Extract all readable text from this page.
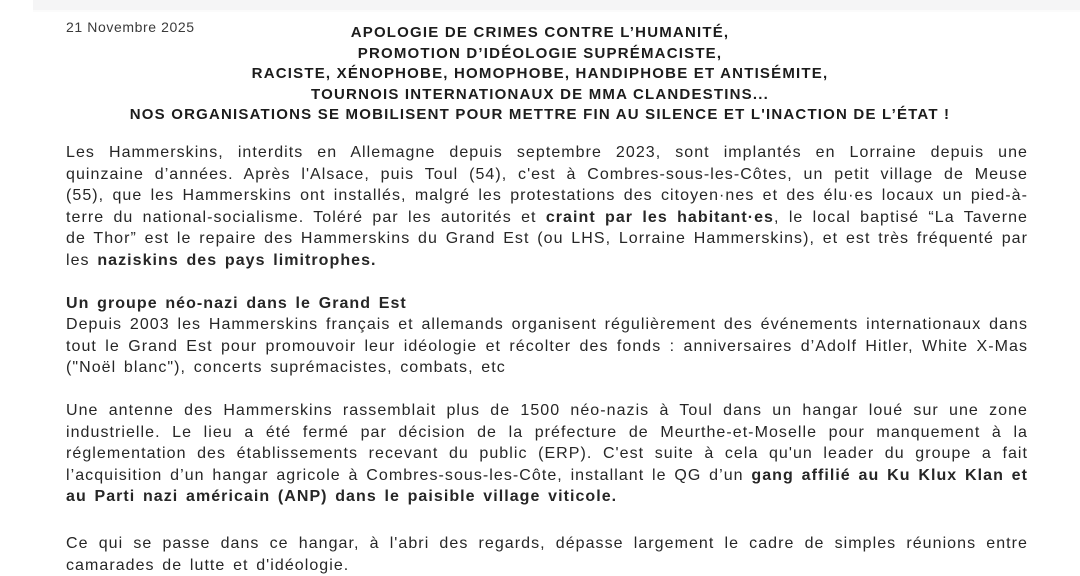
21 Novembre 2025	APOLOGIE DE CRIMES CONTRE L’HUMANITÉ,
PROMOTION D’IDÉOLOGIE SUPRÉMACISTE,
RACISTE, XÉNOPHOBE, HOMOPHOBE, HANDIPHOBE ET ANTISÉMITE,
TOURNOIS INTERNATIONAUX DE MMA CLANDESTINS...
NOS ORGANISATIONS SE MOBILISENT POUR METTRE FIN AU SILENCE ET L'INACTION DE L’ÉTAT !

Les Hammerskins, interdits en Allemagne depuis septembre 2023, sont implantés en Lorraine depuis une quinzaine d’années. Après l'Alsace, puis Toul (54), c'est à Combres-sous-les-Côtes, un petit village de Meuse (55), que les Hammerskins ont installés, malgré les protestations des citoyen·nes et des élu·es locaux un pied-à-terre du national-socialisme. Toléré par les autorités et craint par les habitant·es, le local baptisé “La Taverne de Thor” est le repaire des Hammerskins du Grand Est (ou LHS, Lorraine Hammerskins), et est très fréquenté par les naziskins des pays limitrophes.

Un groupe néo-nazi dans le Grand Est

Depuis 2003 les Hammerskins français et allemands organisent régulièrement des événements internationaux dans tout le Grand Est pour promouvoir leur idéologie et récolter des fonds : anniversaires d’Adolf Hitler, White X-Mas ("Noël blanc"), concerts suprémacistes, combats, etc

Une antenne des Hammerskins rassemblait plus de 1500 néo-nazis à Toul dans un hangar loué sur une zone industrielle. Le lieu a été fermé par décision de la préfecture de Meurthe-et-Moselle pour manquement à la réglementation des établissements recevant du public (ERP). C'est suite à cela qu'un leader du groupe a fait l’acquisition d’un hangar agricole à Combres-sous-les-Côte, installant le QG d’un gang affilié au Ku Klux Klan et au Parti nazi américain (ANP) dans le paisible village viticole.

Ce qui se passe dans ce hangar, à l'abri des regards, dépasse largement le cadre de simples réunions entre camarades de lutte et d'idéologie.
